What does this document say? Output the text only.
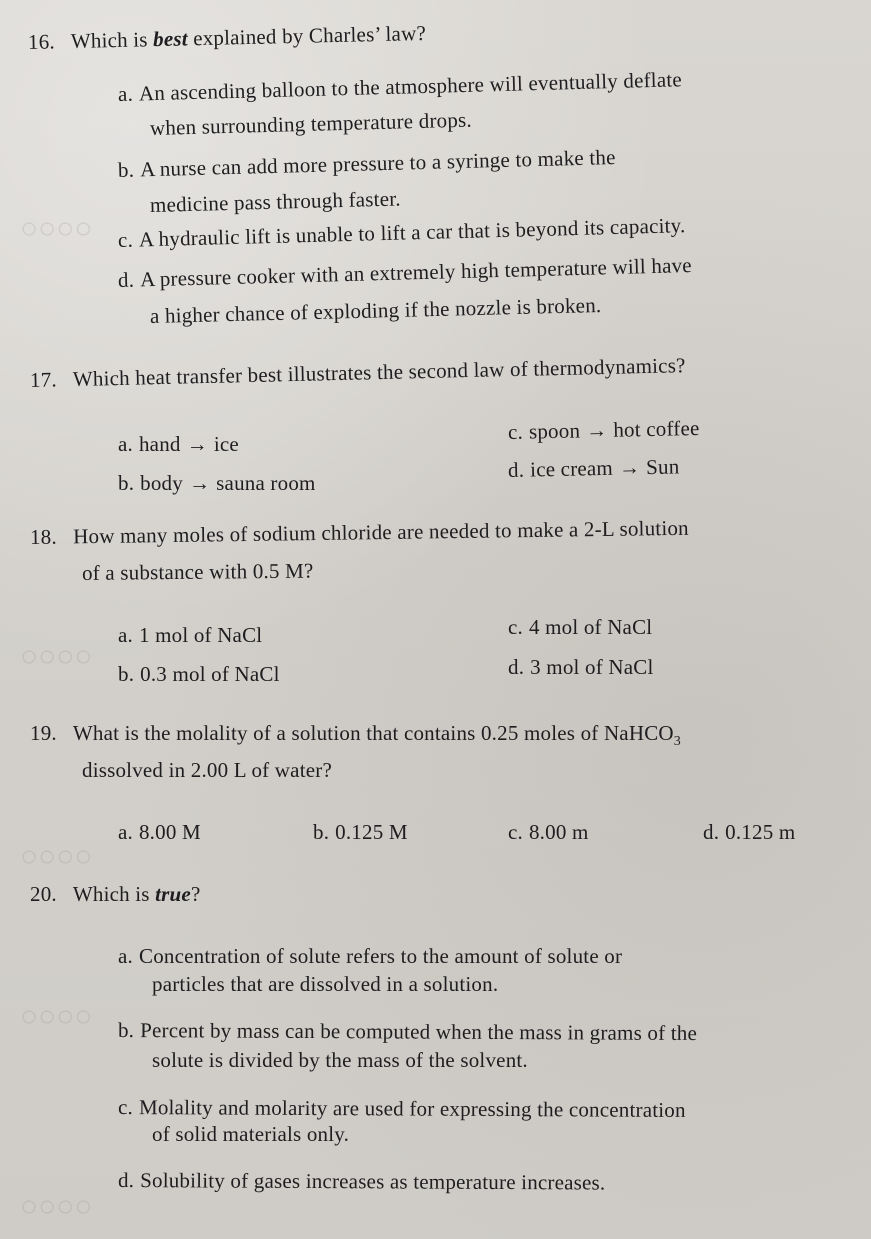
○○○○
○○○○
○○○○
○○○○
○○○○
16. Which is best explained by Charles’ law?
a. An ascending balloon to the atmosphere will eventually deflate
when surrounding temperature drops.
b. A nurse can add more pressure to a syringe to make the
medicine pass through faster.
c. A hydraulic lift is unable to lift a car that is beyond its capacity.
d. A pressure cooker with an extremely high temperature will have
a higher chance of exploding if the nozzle is broken.
17. Which heat transfer best illustrates the second law of thermodynamics?
a. hand → ice
b. body → sauna room
c. spoon → hot coffee
d. ice cream → Sun
18. How many moles of sodium chloride are needed to make a 2-L solution
of a substance with 0.5 M?
a. 1 mol of NaCl
b. 0.3 mol of NaCl
c. 4 mol of NaCl
d. 3 mol of NaCl
19. What is the molality of a solution that contains 0.25 moles of NaHCO$_3$
dissolved in 2.00 L of water?
a. 8.00 M	b. 0.125 M	c. 8.00 m	d. 0.125 m
20. Which is true?
a. Concentration of solute refers to the amount of solute or
particles that are dissolved in a solution.
b. Percent by mass can be computed when the mass in grams of the
solute is divided by the mass of the solvent.
c. Molality and molarity are used for expressing the concentration
of solid materials only.
d. Solubility of gases increases as temperature increases.
